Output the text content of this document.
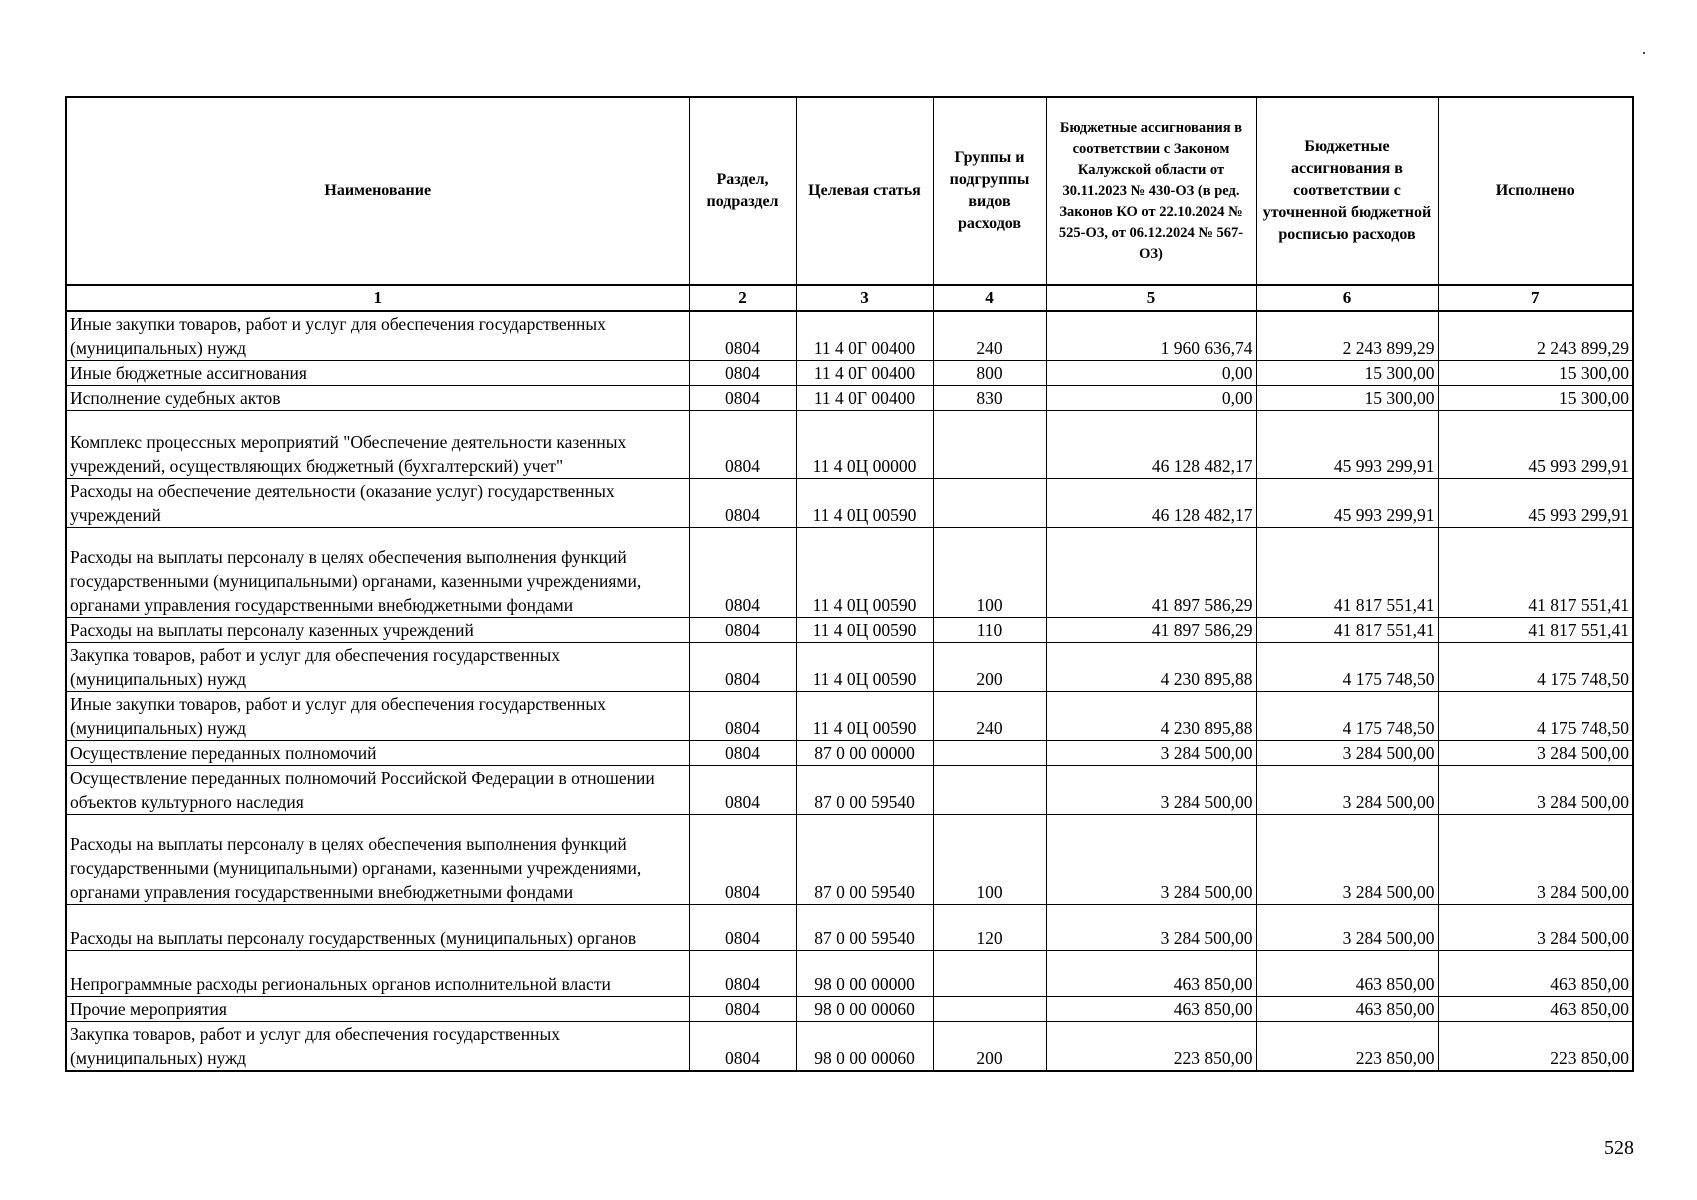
Наименование	Раздел, подраздел	Целевая статья	Группы и подгруппы видов расходов	Бюджетные ассигнования в соответствии с Законом Калужской области от 30.11.2023 № 430-ОЗ (в ред. Законов КО от 22.10.2024 № 525-ОЗ, от 06.12.2024 № 567-ОЗ)	Бюджетные ассигнования в соответствии с уточненной бюджетной росписью расходов	Исполнено
1	2	3	4	5	6	7
Иные закупки товаров, работ и услуг для обеспечения государственных (муниципальных) нужд	0804	11 4 0Г 00400	240	1 960 636,74	2 243 899,29	2 243 899,29
Иные бюджетные ассигнования	0804	11 4 0Г 00400	800	0,00	15 300,00	15 300,00
Исполнение судебных актов	0804	11 4 0Г 00400	830	0,00	15 300,00	15 300,00
Комплекс процессных мероприятий "Обеспечение деятельности казенных учреждений, осуществляющих бюджетный (бухгалтерский) учет"	0804	11 4 0Ц 00000		46 128 482,17	45 993 299,91	45 993 299,91
Расходы на обеспечение деятельности (оказание услуг) государственных учреждений	0804	11 4 0Ц 00590		46 128 482,17	45 993 299,91	45 993 299,91
Расходы на выплаты персоналу в целях обеспечения выполнения функций государственными (муниципальными) органами, казенными учреждениями, органами управления государственными внебюджетными фондами	0804	11 4 0Ц 00590	100	41 897 586,29	41 817 551,41	41 817 551,41
Расходы на выплаты персоналу казенных учреждений	0804	11 4 0Ц 00590	110	41 897 586,29	41 817 551,41	41 817 551,41
Закупка товаров, работ и услуг для обеспечения государственных (муниципальных) нужд	0804	11 4 0Ц 00590	200	4 230 895,88	4 175 748,50	4 175 748,50
Иные закупки товаров, работ и услуг для обеспечения государственных (муниципальных) нужд	0804	11 4 0Ц 00590	240	4 230 895,88	4 175 748,50	4 175 748,50
Осуществление переданных полномочий	0804	87 0 00 00000		3 284 500,00	3 284 500,00	3 284 500,00
Осуществление переданных полномочий Российской Федерации в отношении объектов культурного наследия	0804	87 0 00 59540		3 284 500,00	3 284 500,00	3 284 500,00
Расходы на выплаты персоналу в целях обеспечения выполнения функций государственными (муниципальными) органами, казенными учреждениями, органами управления государственными внебюджетными фондами	0804	87 0 00 59540	100	3 284 500,00	3 284 500,00	3 284 500,00
Расходы на выплаты персоналу государственных (муниципальных) органов	0804	87 0 00 59540	120	3 284 500,00	3 284 500,00	3 284 500,00
Непрограммные расходы региональных органов исполнительной власти	0804	98 0 00 00000		463 850,00	463 850,00	463 850,00
Прочие мероприятия	0804	98 0 00 00060		463 850,00	463 850,00	463 850,00
Закупка товаров, работ и услуг для обеспечения государственных (муниципальных) нужд	0804	98 0 00 00060	200	223 850,00	223 850,00	223 850,00
528
